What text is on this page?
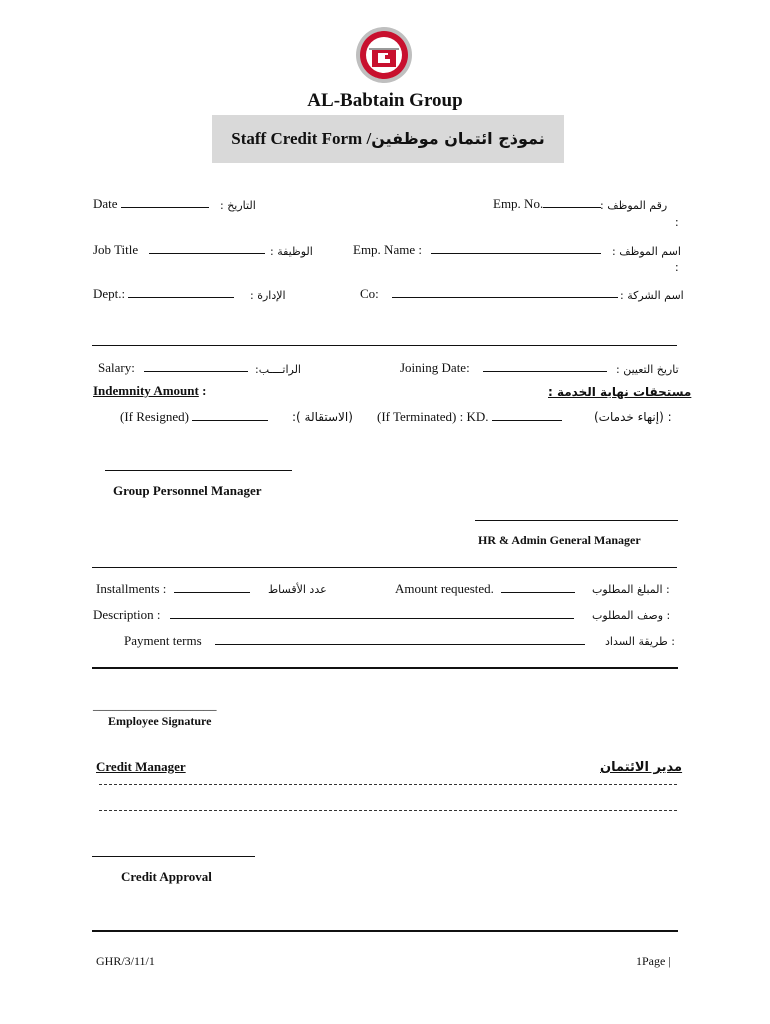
AL-Babtain Group
Staff Credit Form /نموذج ائتمان موظفين
Date	التاريخ :	Emp. No.	رقم الموظف :
:
Job Title	الوظيفة :	Emp. Name :	اسم الموظف :
:
Dept.:	الإدارة :	Co:	اسم الشركة :
Salary:	الراتــــب:	Joining Date:	تاريخ التعيين :
Indemnity Amount :	مستحقات نهاية الخدمة :
(If Resigned)	(الاستقالة ): (If Terminated) : KD.	: (إنهاء خدمات)
Group Personnel Manager
HR & Admin General Manager
Installments :	عدد الأقساط	Amount requested.	: المبلغ المطلوب
Description :	: وصف المطلوب
Payment terms	: طريقة السداد
___________________
Employee Signature
Credit Manager	مدير الائتمان
Credit Approval
GHR/3/11/1	1Page |
